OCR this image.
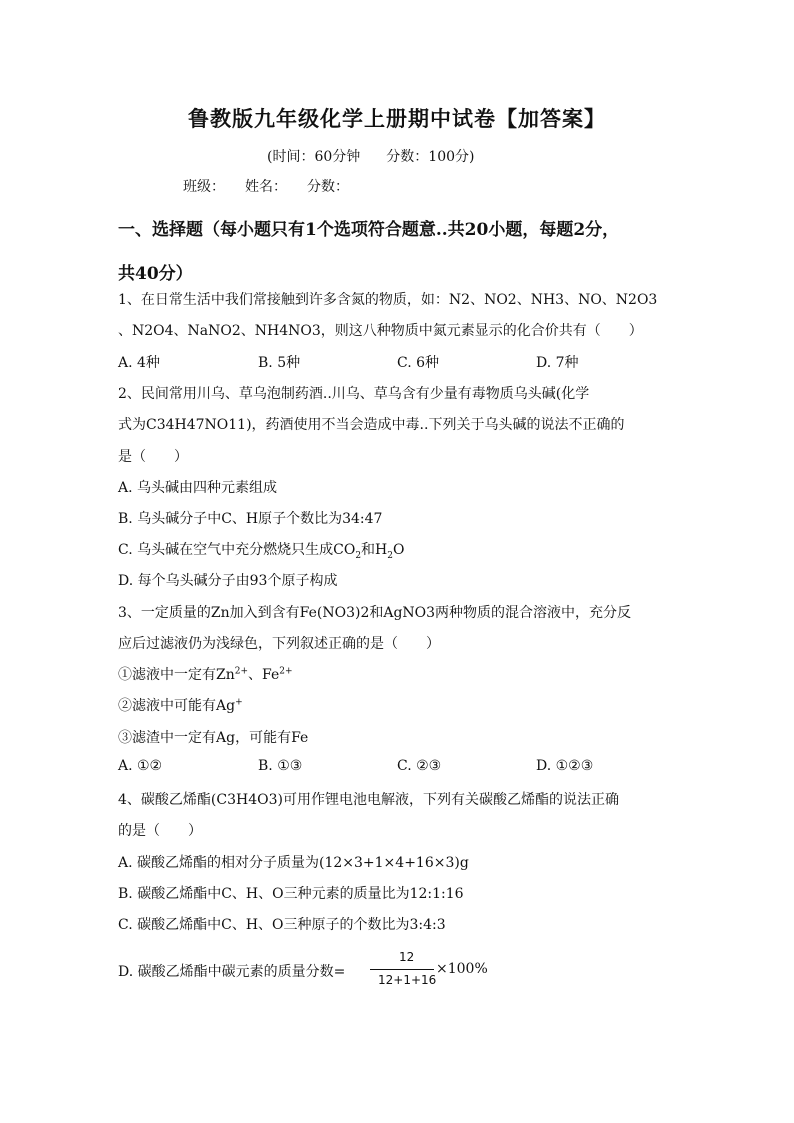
鲁教版九年级化学上册期中试卷【加答案】
(时间：60分钟 分数：100分)
班级： 姓名： 分数：
一、选择题（每小题只有1个选项符合题意..共20小题，每题2分，
共40分）
1、在日常生活中我们常接触到许多含氮的物质，如：N2、NO2、NH3、NO、N2O3
、N2O4、NaNO2、NH4NO3，则这八种物质中氮元素显示的化合价共有（　　）
A. 4种	B. 5种	C. 6种	D. 7种
2、民间常用川乌、草乌泡制药酒..川乌、草乌含有少量有毒物质乌头碱(化学
式为C34H47NO11)，药酒使用不当会造成中毒..下列关于乌头碱的说法不正确的
是（　　）
A. 乌头碱由四种元素组成
B. 乌头碱分子中C、H原子个数比为34:47
C. 乌头碱在空气中充分燃烧只生成$CO_2$和$H_2O$
D. 每个乌头碱分子由93个原子构成
3、一定质量的Zn加入到含有Fe(NO3)2和AgNO3两种物质的混合溶液中，充分反
应后过滤液仍为浅绿色，下列叙述正确的是（　　）
①滤液中一定有$Zn^{2+}$、$Fe^{2+}$
②滤液中可能有Ag+
③滤渣中一定有Ag，可能有Fe
A. ①②	B. ①③	C. ②③	D. ①②③
4、碳酸乙烯酯(C3H4O3)可用作锂电池电解液，下列有关碳酸乙烯酯的说法正确
的是（　　）
A. 碳酸乙烯酯的相对分子质量为(12×3+1×4+16×3)g
B. 碳酸乙烯酯中C、H、O三种元素的质量比为12:1:16
C. 碳酸乙烯酯中C、H、O三种原子的个数比为3:4:3
D. 碳酸乙烯酯中碳元素的质量分数=
12
12+1+16
×100%
